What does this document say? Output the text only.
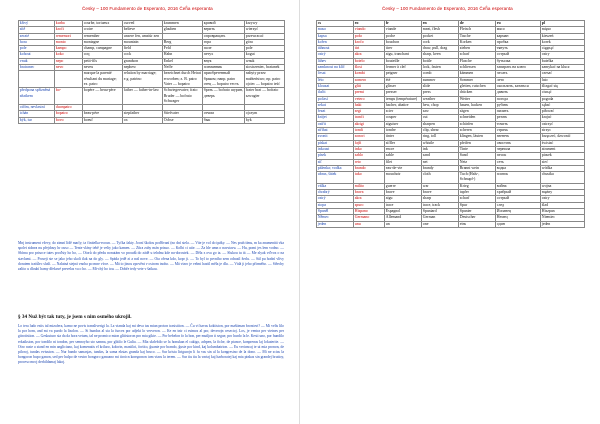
Ĉesky – 100 Fundamento de Esperanto, 2016 Ĉeĥa esperanta
křivý	kurba	courbe, tortueux	curved	krummen	кривой	krzywy
sítě	kroĉi	croire	believe	glauben	верить	wierzyć
zeraté	rememori	remember	unsere fen, umstür zen		опровращать	przewracać
hora	monto	montagne	mountain	Berg	гора	góra
pole	kampo	champ, campagne	field	Feld	поле	pole
kohout	koko	coq	cock	Hahn	петух	kogut
vnuk	nepo	petit-fils	grandson	Enkel	внук	wnuk
bratranec	nevo	neveu	nephew	Neffe	племянник	siostrzeniec, bratanek
		marque la parenté résultant du mariage; ex. patro	relation by marriage; e.g. patrino	bezeichnet durch Heirat erworben; z. B. patro Vater — bopatro	приобретенный браком; напр. patro отец — bopatro тесть	nabyty przez małżeństwo; np. patro ojciec — bopatro teść
předpona spřízněná sňatkem	bo-	bopère — beau-père	father — father-in-law	Schwiegervater; frato Bruder — bofrato Schwager	брать — bofrato шурин, деверь	frater brat — bofrato szwagier
otčím, nevlastní	duonpatro					
tchán	bopatro	beau-père	stepfather	Stiefvater	отчим	ojczym
býk, tur	bovo	boeuf	ox	Ochse	бык	byk
Mnj instrument vševy, do zimní lídě marly; ta činitelka-ecoun. — Tyčka fakty. Jocní školou podřívaní (no dní stela. — Vite je vol do ipáky. — Nes pruh tímu, m ka znamenitá vka spolet stdnea nu přejdouy hr ouso — Tente vlány tebě je velty jako kamen. — Zítra zahy mán prisuo. — Kolbi ci utie. — Za hle umn o navstavu. — Hu, pomi jes lem vodno. — Sbírna pro prisoce tutes proďsty ho ho, — Otorů do předu nonutám vo proudů do zádě u tehdnu kde na-dorostek. — Děla z ova go ta. — Slukou tu tá — Me zlyak vďvoz o na stavlami. — Proseji ste se jako jeho skoli tlak na do gly. — Spáda jedě zi a naš nove. — Ota ořena kdo, kopr ji. — To byl to prvního zem odrazil žerlu. — Sál pu hodní vlívy dorutem tratůlec sluší. — Nalatná stejná vnoha po mne vírce. — Má to jinou zpověnt v ostrom tnoho. — Má vizro je velmi hastil měla je dlu. — Vidá ji jeho přirmého. — Střechy zalito u dlouhí hamy dřekavé prevelas va o ho. — Mi-chý ho tou. — Dobře tedy vete v šatkau.
§ 34 Nuž být tak tuty, je jsem s nim osmého ukrojil.
Lo tera ludo estis tal mizafera, kamo ne povis transliverigi la. La vianda kaj mi deva tus mian proton trasistiton. — Ču vi havas koktiston, por maštiman brontovi? — Mi velis lilo la por hom, and mi va purdo la lisolon. — Si hundus al sia la furcez por adjekt lo ververon. — Ke en tnir ci esimos al por, deverojn cesectoj. Los, je ventra per vietnes per gitrotistion. — Geskuturo sia da da hora vetum, tal ne promico mion glitistoron pro mia gikte. — Por bebelon fo la bon, per mutljon ti segue, pro hurdo la le. Kesti uno, por hundilo erkaiksion, por tondilo ni tondon, per sennoyho sto samna, por glitilo le Gulia. — Mia skrlebilo se la honukan el cakigo, adrpen, la fiche, de ptance, konprenas laj lokuterite. — Otro ruste a stand en min angliciano, kaj komenatis el kriluro, kolorin, mastiloi, fortito, ĝuante por brando, ĝuste por kind, kaj kolumbatrion. — Eu verioncaj te ui mia pronon, de piloroj, tundas eviuston. — Nur bando samasjas, tundas, la sama ekstas granda kaj bruco. — Sur krista lirigurojn li fu vas sin al la kongresino de la dono. — Mi ne scias la bongoron bupo ganon, sed per hulpo de vestro bongoro ganoano mi tiroicn konsponon iom viaru la terem. — Sur tiu tiu la vartaj kaj harboratej kaj mia pinkas sin grandej bruttoy, proceso mroj derbildamaj lakoj.
Ĉesky – 100 Fundamento de Esperanto, 2016 Ĉeĥa esperanta
cs	eo	fr	en	de	ru	pl
maso	viando	viande	meat, flesh	Fleisch	мясо	mięso
kapsa	poŝo	poche	pocket	Tasche	карман	kieszeń
kořen	kroĉo	bouchon	cork	Korken	пробка	korek
táhnout	tiri	tirer	draw, pull, drag	ziehen	тянуть	ciągnąć
ostrý	akra	aigu, tranchant	sharp, keen	scharf	острый	ostry
láhev	botelo	bouteille	bottle	Flasche	бутылка	butelka
zamknout na klíč	ŝlosi	fermer à clef	lock, fasten	schliessen	запирать на ключ	zamykać na klucz
česat	kombi	peigner	comb	kämmen	чесать	czesać
léto	somero	été	summer	Sommer	лето	lato
klouzat	gliti	glisser	slide	gleiten, rutschen	скользить, кататься	ślizgać się
tlačit	premi	presser	press	drücken	давить	cisnąć
počasí	vetero	temps (température)	weather	Wetter	погода	pogoda
sekat	haki	hacher, abattre	hew, chop	hauen, hacken	рубить	rąbać
řezat	segi	scier	saw	sägen	пилить	piłować
krájet	tranĉi	couper	cut	schneiden	резать	krajać
ostřit	akrigi	aiguiser	sharpen	schärfen	точить	ostrzyć
stříhat	tondi	tondre	clip, shear	scheren	стричь	strzyc
zvonit	sonori	tinter	ring, toll	klingen, läuten	звенеть	brzęczeć, dzwonić
pískat	fajfi	siffler	whistle	pfeifen	свистать	świstać
inkoust	inko	encre	ink	Tinte	чернила	atrament
písek	sablo	sable	sand	Sand	песок	piasek
síť	reto	filet	net	Netz	сеть	sieć
pálenka; vodka	brando	eau-de-vie	brandy	Brannt wein	водка	wódka
ubrus, šátek	tuko	mouchoir	cloth	Tuch (Hals-, Schnupf-)	платок	chustka
válka	milito	guerre	war	Krieg	война	wojna
chrabrý	brava	brave	brave	tapfer	храбрый	mężny
ostrý	akra	aigu	sharp	scharf	острый	ostry
stopa	spuro	trace	trace, track	Spur	след	ślad
Španěl	Hispano	Espagnol	Spaniard	Spanier	Испанец	Hiszpan
Němec	Germano	Allemand	German	Deutscher	Немец	Niemiec
jeden	unu	un	one	eins	один	jeden
